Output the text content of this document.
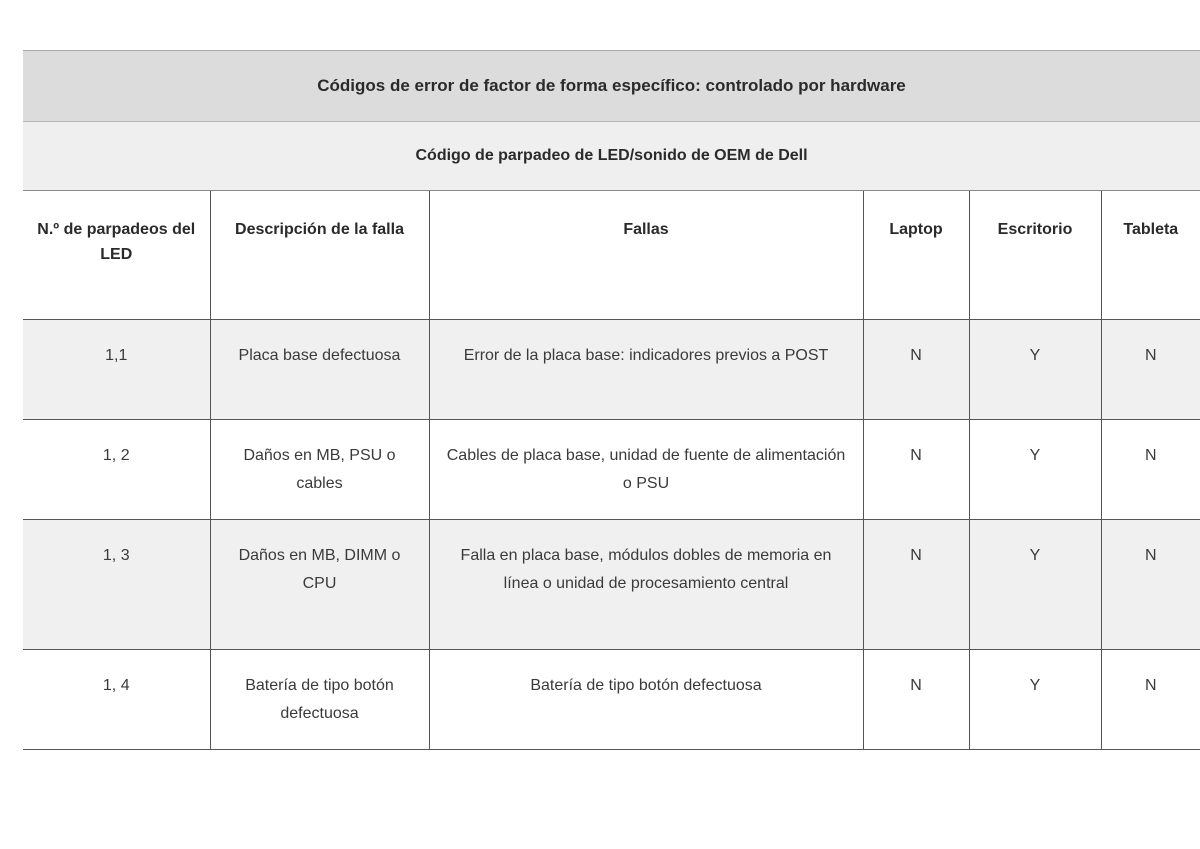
Códigos de error de factor de forma específico: controlado por hardware					
Código de parpadeo de LED/sonido de OEM de Dell					
N.º de parpadeos del LED	Descripción de la falla	Fallas	Laptop	Escritorio	Tableta
1,1	Placa base defectuosa	Error de la placa base: indicadores previos a POST	N	Y	N
1, 2	Daños en MB, PSU o cables	Cables de placa base, unidad de fuente de alimentación o PSU	N	Y	N
1, 3	Daños en MB, DIMM o CPU	Falla en placa base, módulos dobles de memoria en línea o unidad de procesamiento central	N	Y	N
1, 4	Batería de tipo botón defectuosa	Batería de tipo botón defectuosa	N	Y	N
